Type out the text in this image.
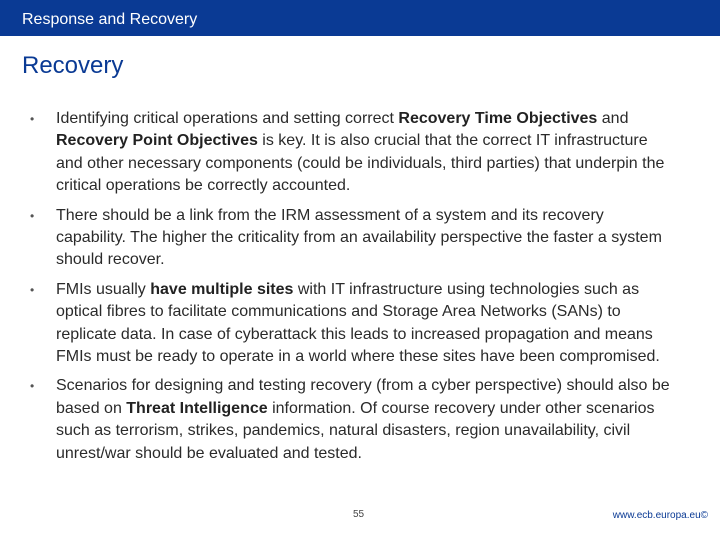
Response and Recovery
Recovery
• Identifying critical operations and setting correct Recovery Time Objectives and Recovery Point Objectives is key. It is also crucial that the correct IT infrastructure and other necessary components (could be individuals, third parties) that underpin the critical operations be correctly accounted.
• There should be a link from the IRM assessment of a system and its recovery capability. The higher the criticality from an availability perspective the faster a system should recover.
• FMIs usually have multiple sites with IT infrastructure using technologies such as optical fibres to facilitate communications and Storage Area Networks (SANs) to replicate data. In case of cyberattack this leads to increased propagation and means FMIs must be ready to operate in a world where these sites have been compromised.
• Scenarios for designing and testing recovery (from a cyber perspective) should also be based on Threat Intelligence information. Of course recovery under other scenarios such as terrorism, strikes, pandemics, natural disasters, region unavailability, civil unrest/war should be evaluated and tested.
55	www.ecb.europa.eu©
